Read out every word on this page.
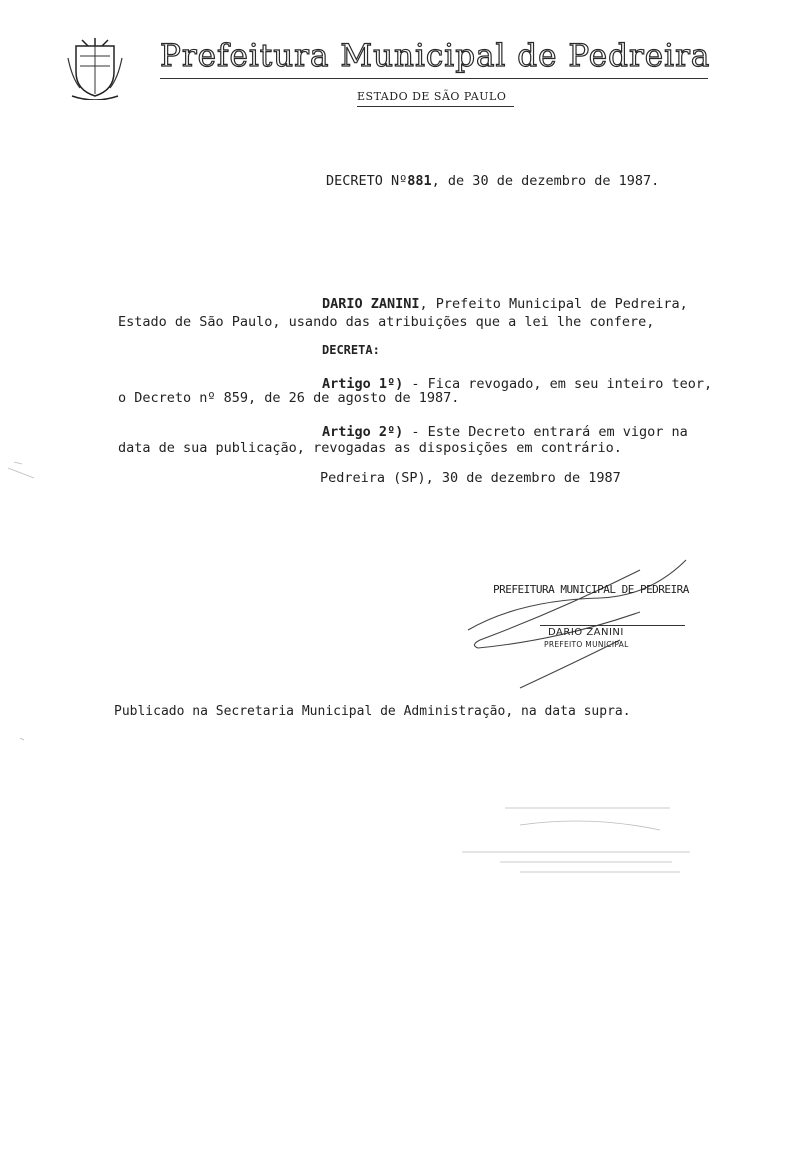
Prefeitura Municipal de Pedreira
ESTADO DE SÃO PAULO
DECRETO Nº881, de 30 de dezembro de 1987.
DARIO ZANINI, Prefeito Municipal de Pedreira,
Estado de São Paulo, usando das atribuições que a lei lhe confere,
DECRETA:
Artigo 1º) - Fica revogado, em seu inteiro teor,
o Decreto nº 859, de 26 de agosto de 1987.
Artigo 2º) - Este Decreto entrará em vigor na
data de sua publicação, revogadas as disposições em contrário.
Pedreira (SP), 30 de dezembro de 1987
PREFEITURA MUNICIPAL DE PEDREIRA
DARIO ZANINI
PREFEITO MUNICIPAL
Publicado na Secretaria Municipal de Administração, na data supra.
